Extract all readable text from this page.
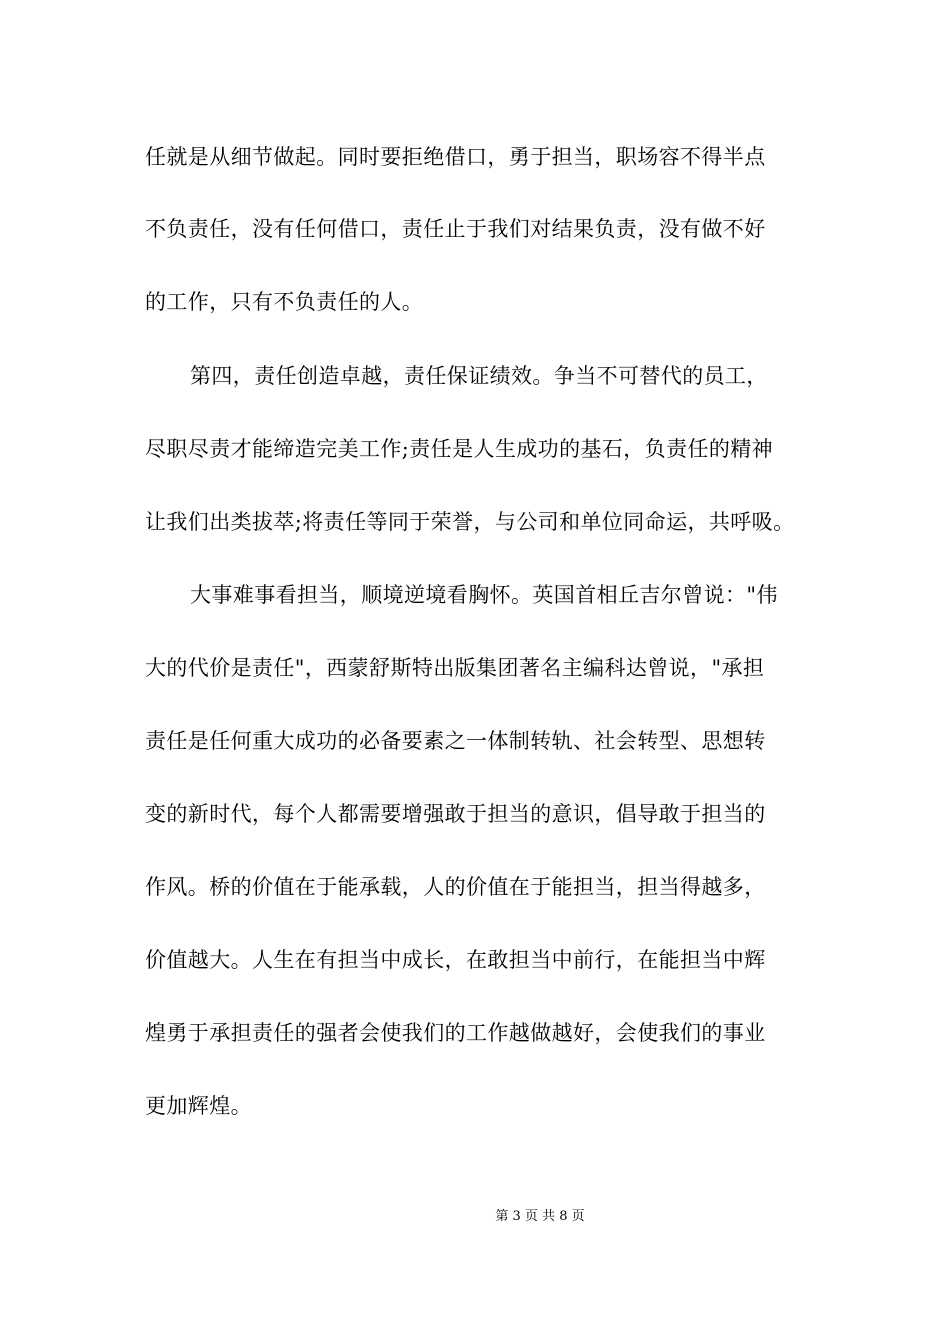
任就是从细节做起。同时要拒绝借口，勇于担当，职场容不得半点
不负责任，没有任何借口，责任止于我们对结果负责，没有做不好
的工作，只有不负责任的人。
第四，责任创造卓越，责任保证绩效。争当不可替代的员工，
尽职尽责才能缔造完美工作;责任是人生成功的基石，负责任的精神
让我们出类拔萃;将责任等同于荣誉，与公司和单位同命运，共呼吸。
大事难事看担当，顺境逆境看胸怀。英国首相丘吉尔曾说："伟
大的代价是责任"，西蒙舒斯特出版集团著名主编科达曾说，"承担
责任是任何重大成功的必备要素之一体制转轨、社会转型、思想转
变的新时代，每个人都需要增强敢于担当的意识，倡导敢于担当的
作风。桥的价值在于能承载，人的价值在于能担当，担当得越多，
价值越大。人生在有担当中成长，在敢担当中前行，在能担当中辉
煌勇于承担责任的强者会使我们的工作越做越好，会使我们的事业
更加辉煌。
第 3 页 共 8 页
